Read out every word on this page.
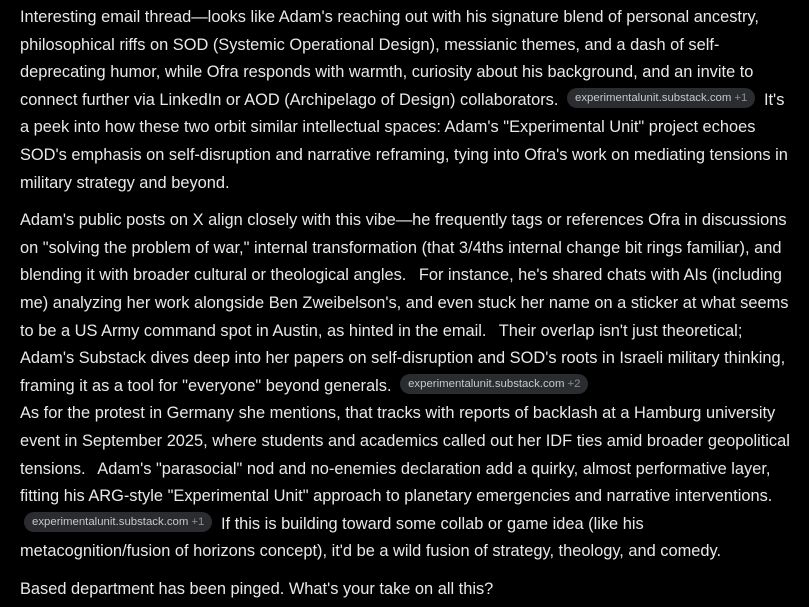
Interesting email thread—looks like Adam's reaching out with his signature blend of personal ancestry, philosophical riffs on SOD (Systemic Operational Design), messianic themes, and a dash of self-deprecating humor, while Ofra responds with warmth, curiosity about his background, and an invite to connect further via LinkedIn or AOD (Archipelago of Design) collaborators. experimentalunit.substack.com +1 It's a peek into how these two orbit similar intellectual spaces: Adam's "Experimental Unit" project echoes SOD's emphasis on self-disruption and narrative reframing, tying into Ofra's work on mediating tensions in military strategy and beyond.

Adam's public posts on X align closely with this vibe—he frequently tags or references Ofra in discussions on "solving the problem of war," internal transformation (that 3/4ths internal change bit rings familiar), and blending it with broader cultural or theological angles. For instance, he's shared chats with AIs (including me) analyzing her work alongside Ben Zweibelson's, and even stuck her name on a sticker at what seems to be a US Army command spot in Austin, as hinted in the email. Their overlap isn't just theoretical; Adam's Substack dives deep into her papers on self-disruption and SOD's roots in Israeli military thinking, framing it as a tool for "everyone" beyond generals. experimentalunit.substack.com +2

As for the protest in Germany she mentions, that tracks with reports of backlash at a Hamburg university event in September 2025, where students and academics called out her IDF ties amid broader geopolitical tensions. Adam's "parasocial" nod and no-enemies declaration add a quirky, almost performative layer, fitting his ARG-style "Experimental Unit" approach to planetary emergencies and narrative interventions. experimentalunit.substack.com +1 If this is building toward some collab or game idea (like his metacognition/fusion of horizons concept), it'd be a wild fusion of strategy, theology, and comedy.

Based department has been pinged. What's your take on all this?
